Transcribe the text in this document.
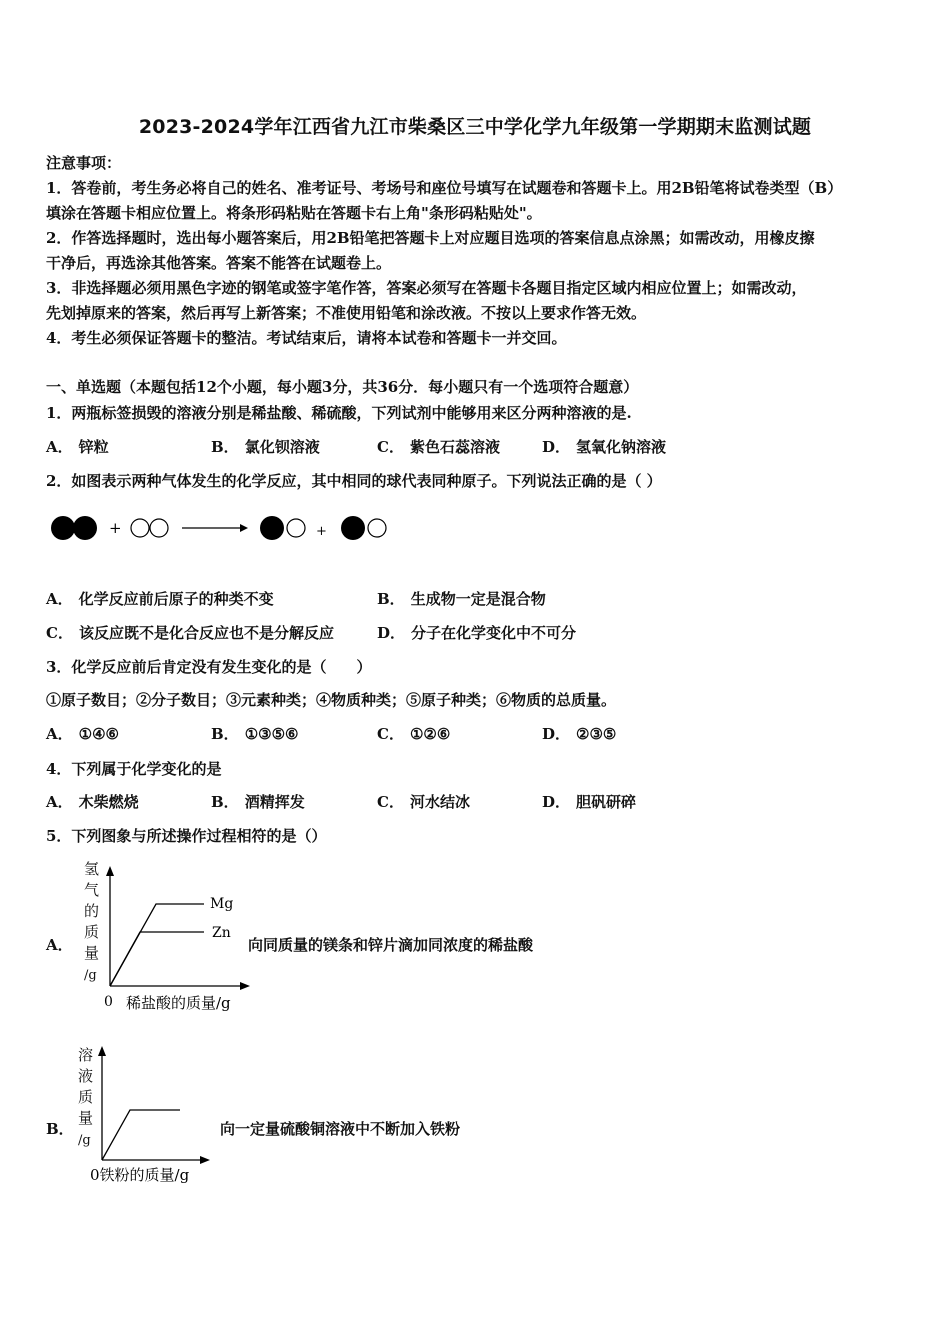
2023-2024学年江西省九江市柴桑区三中学化学九年级第一学期期末监测试题
注意事项：
1．答卷前，考生务必将自己的姓名、准考证号、考场号和座位号填写在试题卷和答题卡上。用2B铅笔将试卷类型（B）
填涂在答题卡相应位置上。将条形码粘贴在答题卡右上角"条形码粘贴处"。
2．作答选择题时，选出每小题答案后，用2B铅笔把答题卡上对应题目选项的答案信息点涂黑；如需改动，用橡皮擦
干净后，再选涂其他答案。答案不能答在试题卷上。
3．非选择题必须用黑色字迹的钢笔或签字笔作答，答案必须写在答题卡各题目指定区域内相应位置上；如需改动，
先划掉原来的答案，然后再写上新答案；不准使用铅笔和涂改液。不按以上要求作答无效。
4．考生必须保证答题卡的整洁。考试结束后，请将本试卷和答题卡一并交回。
一、单选题（本题包括12个小题，每小题3分，共36分．每小题只有一个选项符合题意）
1．两瓶标签损毁的溶液分别是稀盐酸、稀硫酸，下列试剂中能够用来区分两种溶液的是.
A． 锌粒	B． 氯化钡溶液	C． 紫色石蕊溶液	D． 氢氧化钠溶液
2．如图表示两种气体发生的化学反应，其中相同的球代表同种原子。下列说法正确的是（ ）
+	+
A． 化学反应前后原子的种类不变	B． 生成物一定是混合物
C． 该反应既不是化合反应也不是分解反应	D． 分子在化学变化中不可分
3．化学反应前后肯定没有发生变化的是（　　）
①原子数目；②分子数目；③元素种类；④物质种类；⑤原子种类；⑥物质的总质量。
A． ①④⑥	B． ①③⑤⑥	C． ①②⑥	D． ②③⑤
4．下列属于化学变化的是
A． 木柴燃烧	B． 酒精挥发	C． 河水结冰	D． 胆矾研碎
5．下列图象与所述操作过程相符的是（）
A．
氢
气
的
质
量
/g
Mg
Zn
0 稀盐酸的质量/g
向同质量的镁条和锌片滴加同浓度的稀盐酸
B．
溶
液
质
量
/g
0铁粉的质量/g
向一定量硫酸铜溶液中不断加入铁粉
